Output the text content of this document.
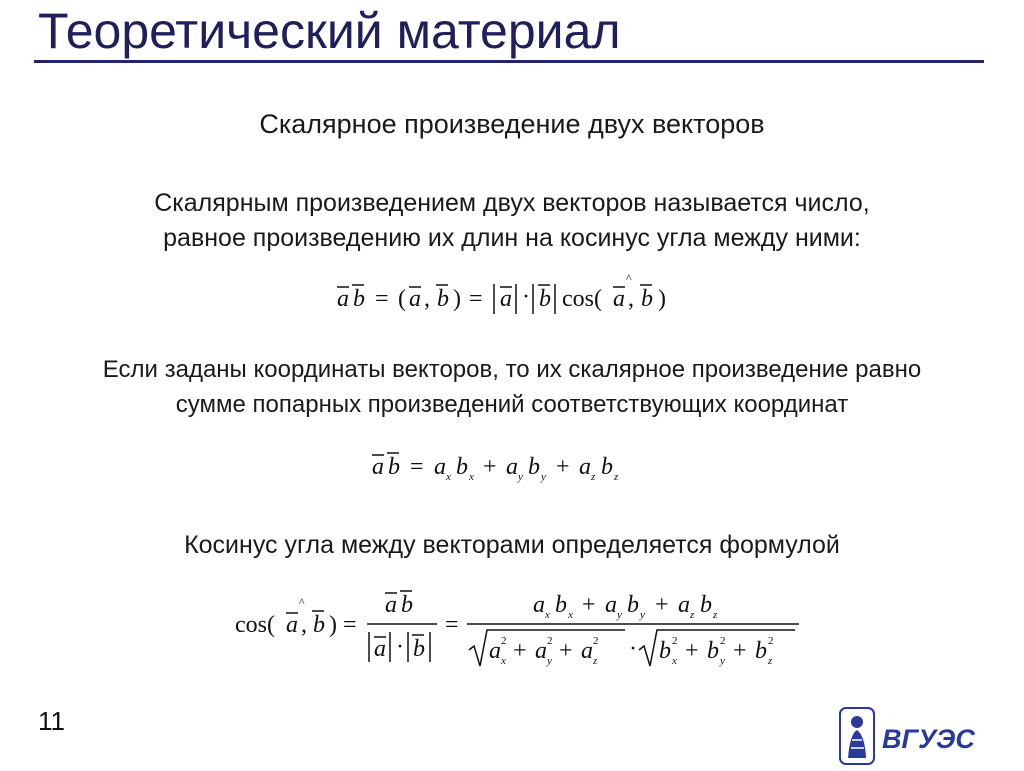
Теоретический материал
Скалярное произведение двух векторов
Скалярным произведением двух векторов называется число,
равное произведению их длин на косинус угла между ними:
a b = ( a , b ) = a · b cos( a
^
, b )
Если заданы координаты векторов, то их скалярное произведение равно
сумме попарных произведений соответствующих координат
a b = a x b x + a y b y + a z b z
Косинус угла между векторами определяется формулой
cos( a
^
, b ) =
a b
a · b
=
a x b x + a y b y + a z b z
a 2
x + a 2
y + a 2
z · b 2
x + b 2
y + b 2
z
11
ВГУЭС
